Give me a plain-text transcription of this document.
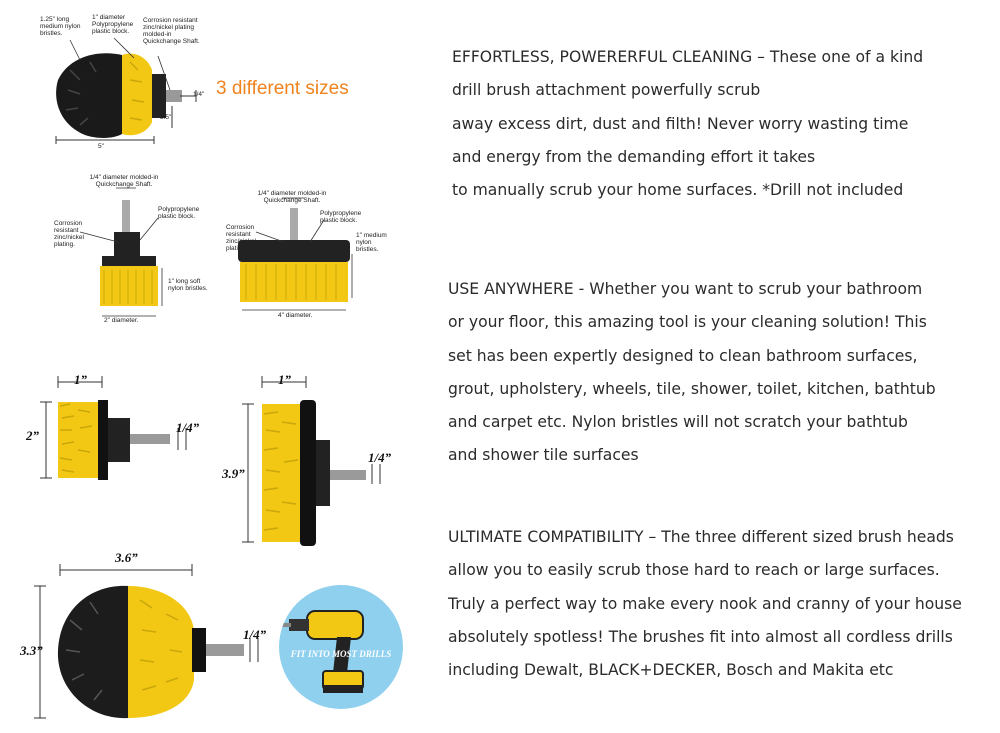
1.25" long medium nylon bristles.
1" diameter Polypropylene plastic block.
Corrosion resistant zinc/nickel plating molded-in Quickchange Shaft.
1/4"
3.5"
5"
3 different sizes
1/4" diameter molded-in Quickchange Shaft.
Corrosion resistant zinc/nickel plating.
Polypropylene plastic block.
1" long soft nylon bristles.
2" diameter.
1/4" diameter molded-in Quickchange Shaft.
Corrosion resistant zinc/nickel plating.
Polypropylene plastic block.
1" medium nylon bristles.
4" diameter.
1”
2”
1/4”
1”
3.9”
1/4”
3.6”
3.3”
1/4”
FIT INTO MOST DRILLS
EFFORTLESS, POWERERFUL CLEANING – These one of a kind
drill brush attachment powerfully scrub
away excess dirt, dust and filth! Never worry wasting time
and energy from the demanding effort it takes
to manually scrub your home surfaces. *Drill not included
USE ANYWHERE - Whether you want to scrub your bathroom
or your floor, this amazing tool is your cleaning solution! This
set has been expertly designed to clean bathroom surfaces,
grout, upholstery, wheels, tile, shower, toilet, kitchen, bathtub
and carpet etc. Nylon bristles will not scratch your bathtub
and shower tile surfaces
ULTIMATE COMPATIBILITY – The three different sized brush heads
allow you to easily scrub those hard to reach or large surfaces.
Truly a perfect way to make every nook and cranny of your house
absolutely spotless! The brushes fit into almost all cordless drills
including Dewalt, BLACK+DECKER, Bosch and Makita etc
